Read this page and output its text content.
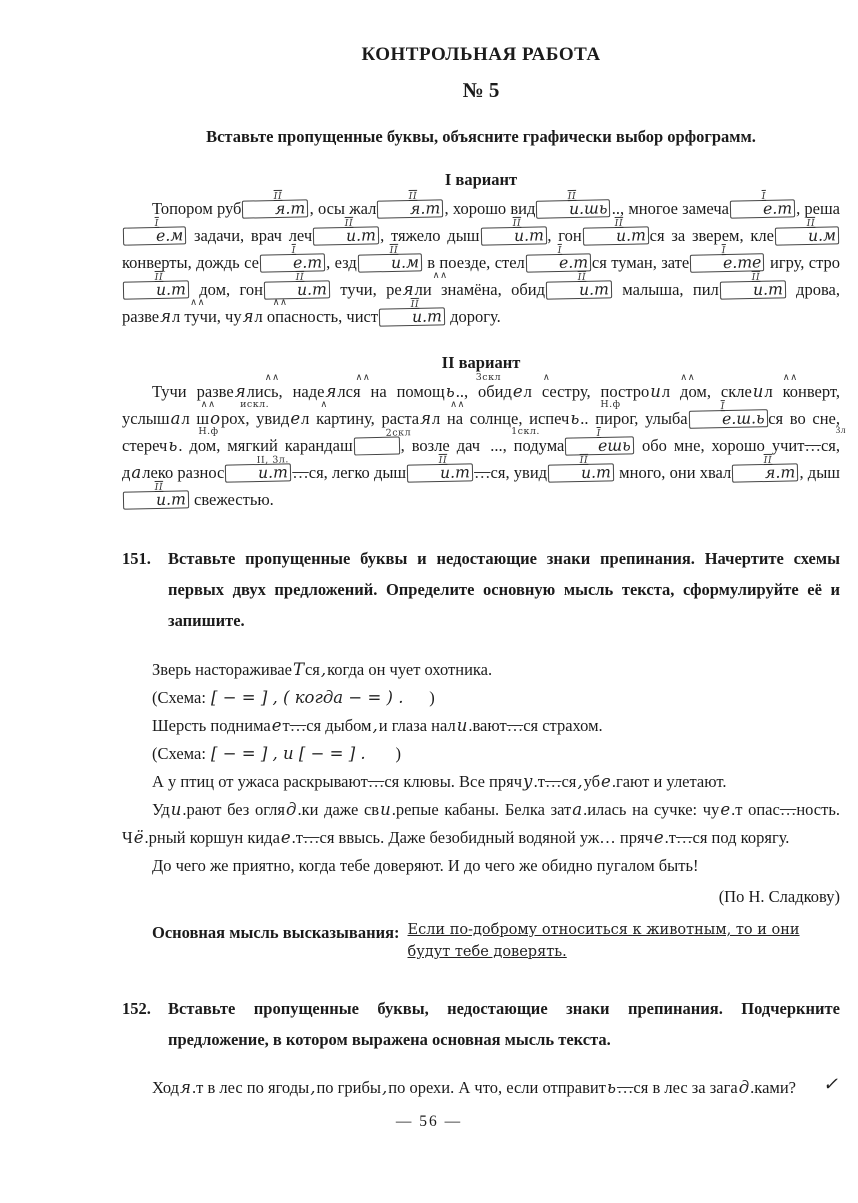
КОНТРОЛЬНАЯ РАБОТА
№ 5
Вставьте пропущенные буквы, объясните графически выбор орфограмм.
I вариант

Топором руб я.т
II
, осы жал я.т
II
, хорошо вид и.шь
II
.., многое замеча е.т
I
, решае.м
I
задачи, врач леч и.т
II
, тяжело дыш и.т
II
, гон и.т
II
ся за зверем, кле и.м
II
конверты, дождь се е.т
I
, езд и.м
II
в поезде, стел е.т
I
ся туман, зате е.те
I
игру, строи.т
II
дом, гон и.т
II
тучи, рея
∧∧
ли знамёна, обид и.т
II
малыша, пил и.т
II
дрова, развея
∧∧
л тучи, чуя
∧∧
л опасность, чист и.т
II
дорогу.

II вариант

Тучи развея
∧∧
лись, надея
∧∧
лся на помощь
3скл
.., обиде
∧
л сестру, построи
∧∧
л дом, склеи
∧∧
л конверт, услыша
∧∧
л шо
искл.
рох, увиде
∧
л картину, растая
∧∧
л на солнце, испечь
Н.ф
.. пирог, улыба е.ш.ь
I
ся во сне, стеречь
Н.ф
. дом, мягкий карандаш
2скл
, возле дач
1скл.
..., подума ешь
I
обо мне, хорошо учит…
3л
ся, далеко разнос и.т
II, 3л.
…ся, легко дыш и.т
II
…ся, увид и.т
II
много, они хвал я.т
II
, дыши.т
II
свежестью.

151.	Вставьте пропущенные буквы и недостающие знаки препинания. Начертите схемы первых двух предложений. Определите основную мысль текста, сформулируйте её и запишите.

Зверь настораживаеТся,когда он чует охотника.

(Схема: [ − = ] , ( когда − = ) .      )

Шерсть поднимает…ся дыбом,и глаза нали.вают…ся страхом.

(Схема: [ − = ] , и [ − = ] .       )

А у птиц от ужаса раскрывают…ся клювы. Все прячу.т…ся,убе.гают и улетают.

Уди.рают без огляд.ки даже сви.репые кабаны. Белка зата.илась на сучке: чуе.т опас…ность. Чё.рный коршун кидае.т…ся ввысь. Даже безобидный водяной уж… пряче.т…ся под корягу.

До чего же приятно, когда тебе доверяют. И до чего же обидно пугалом быть!

(По Н. Сладкову)
Основная мысль высказывания: Если по-доброму относиться к животным, то и они будут тебе доверять.
152.	Вставьте пропущенные буквы, недостающие знаки препинания. Подчеркните предложение, в котором выражена основная мысль текста.

Ходя.т в лес по ягоды,по грибы,по орехи. А что, если отправить…ся в лес за загад.ками?	✓
— 56 —
